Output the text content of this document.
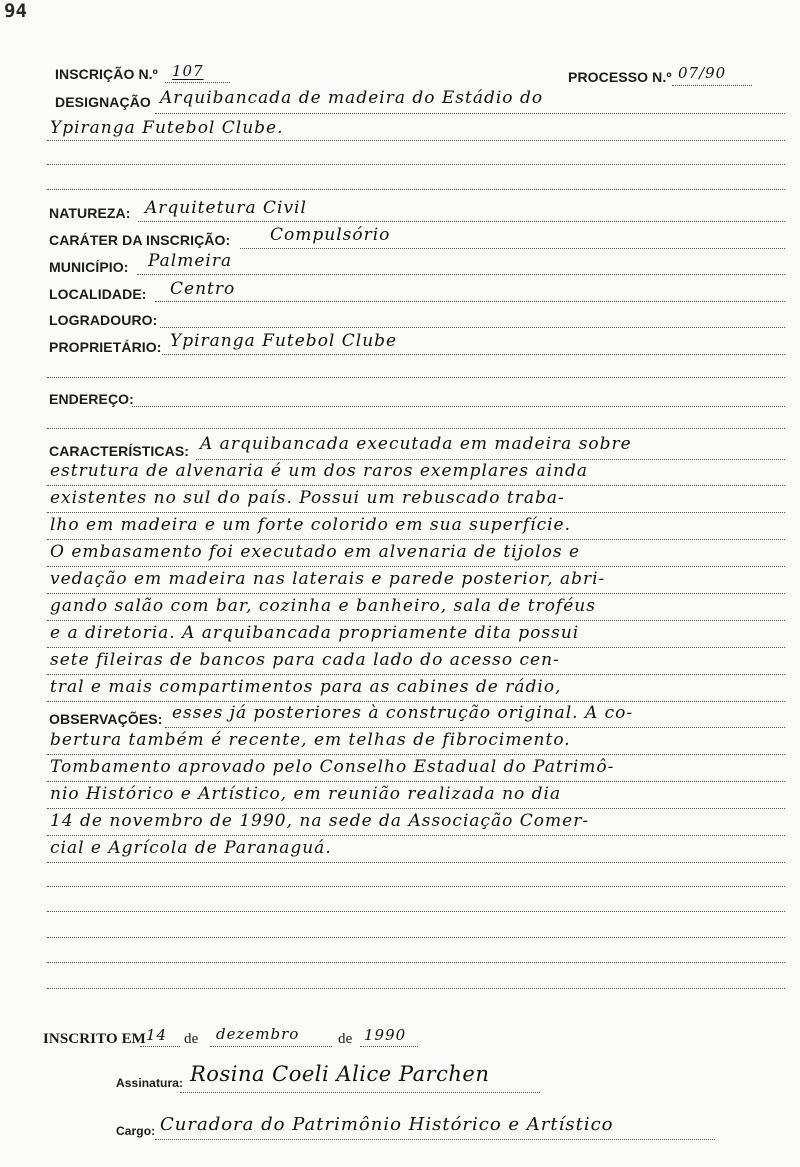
94
INSCRIÇÃO N.º 107	PROCESSO N.º 07/90
DESIGNAÇÃO Arquibancada de madeira do Estádio do
Ypiranga Futebol Clube.
NATUREZA: Arquitetura Civil
CARÁTER DA INSCRIÇÃO: Compulsório
MUNICÍPIO: Palmeira
LOCALIDADE: Centro
LOGRADOURO:
PROPRIETÁRIO: Ypiranga Futebol Clube
ENDEREÇO:
CARACTERÍSTICAS: A arquibancada executada em madeira sobre
estrutura de alvenaria é um dos raros exemplares ainda
existentes no sul do país. Possui um rebuscado traba-
lho em madeira e um forte colorido em sua superfície.
O embasamento foi executado em alvenaria de tijolos e
vedação em madeira nas laterais e parede posterior, abri-
gando salão com bar, cozinha e banheiro, sala de troféus
e a diretoria. A arquibancada propriamente dita possui
sete fileiras de bancos para cada lado do acesso cen-
tral e mais compartimentos para as cabines de rádio,
OBSERVAÇÕES: esses já posteriores à construção original. A co-
bertura também é recente, em telhas de fibrocimento.
Tombamento aprovado pelo Conselho Estadual do Patrimô-
nio Histórico e Artístico, em reunião realizada no dia
14 de novembro de 1990, na sede da Associação Comer-
cial e Agrícola de Paranaguá.
INSCRITO EM 14 de dezembro	de 1990
Assinatura: Rosina Coeli Alice Parchen
Cargo: Curadora do Patrimônio Histórico e Artístico
